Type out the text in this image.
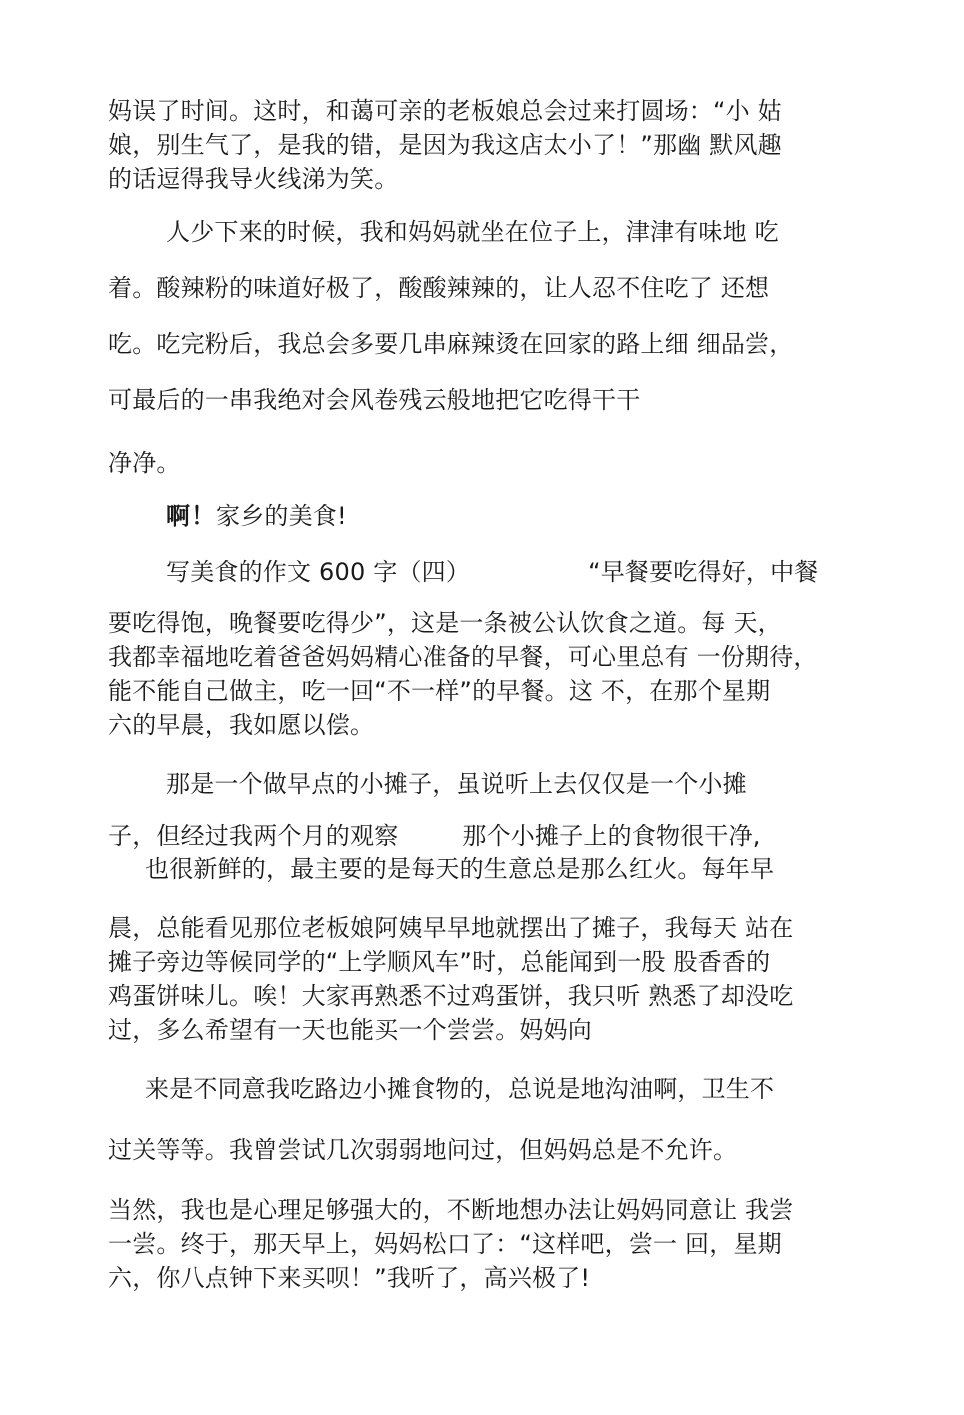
妈误了时间。这时，和蔼可亲的老板娘总会过来打圆场：“小 姑

娘，别生气了，是我的错，是因为我这店太小了！”那幽 默风趣

的话逗得我导火线涕为笑。

人少下来的时候，我和妈妈就坐在位子上，津津有味地 吃

着。酸辣粉的味道好极了，酸酸辣辣的，让人忍不住吃了 还想

吃。吃完粉后，我总会多要几串麻辣烫在回家的路上细 细品尝，

可最后的一串我绝对会风卷残云般地把它吃得干干

净净。

啊！家乡的美食!

写美食的作文 600 字（四）	“早餐要吃得好，中餐

要吃得饱，晚餐要吃得少”，这是一条被公认饮食之道。每 天，

我都幸福地吃着爸爸妈妈精心准备的早餐，可心里总有 一份期待，

能不能自己做主，吃一回“不一样”的早餐。这 不，在那个星期

六的早晨，我如愿以偿。

那是一个做早点的小摊子，虽说听上去仅仅是一个小摊

子，但经过我两个月的观察	那个小摊子上的食物很干净,

也很新鲜的，最主要的是每天的生意总是那么红火。每年早

晨，总能看见那位老板娘阿姨早早地就摆出了摊子，我每天 站在

摊子旁边等候同学的“上学顺风车”时，总能闻到一股 股香香的

鸡蛋饼味儿。唉！大家再熟悉不过鸡蛋饼，我只听 熟悉了却没吃

过，多么希望有一天也能买一个尝尝。妈妈向

来是不同意我吃路边小摊食物的，总说是地沟油啊，卫生不

过关等等。我曾尝试几次弱弱地问过，但妈妈总是不允许。

当然，我也是心理足够强大的，不断地想办法让妈妈同意让 我尝

一尝。终于，那天早上，妈妈松口了：“这样吧，尝一 回，星期

六，你八点钟下来买呗！”我听了，高兴极了!
